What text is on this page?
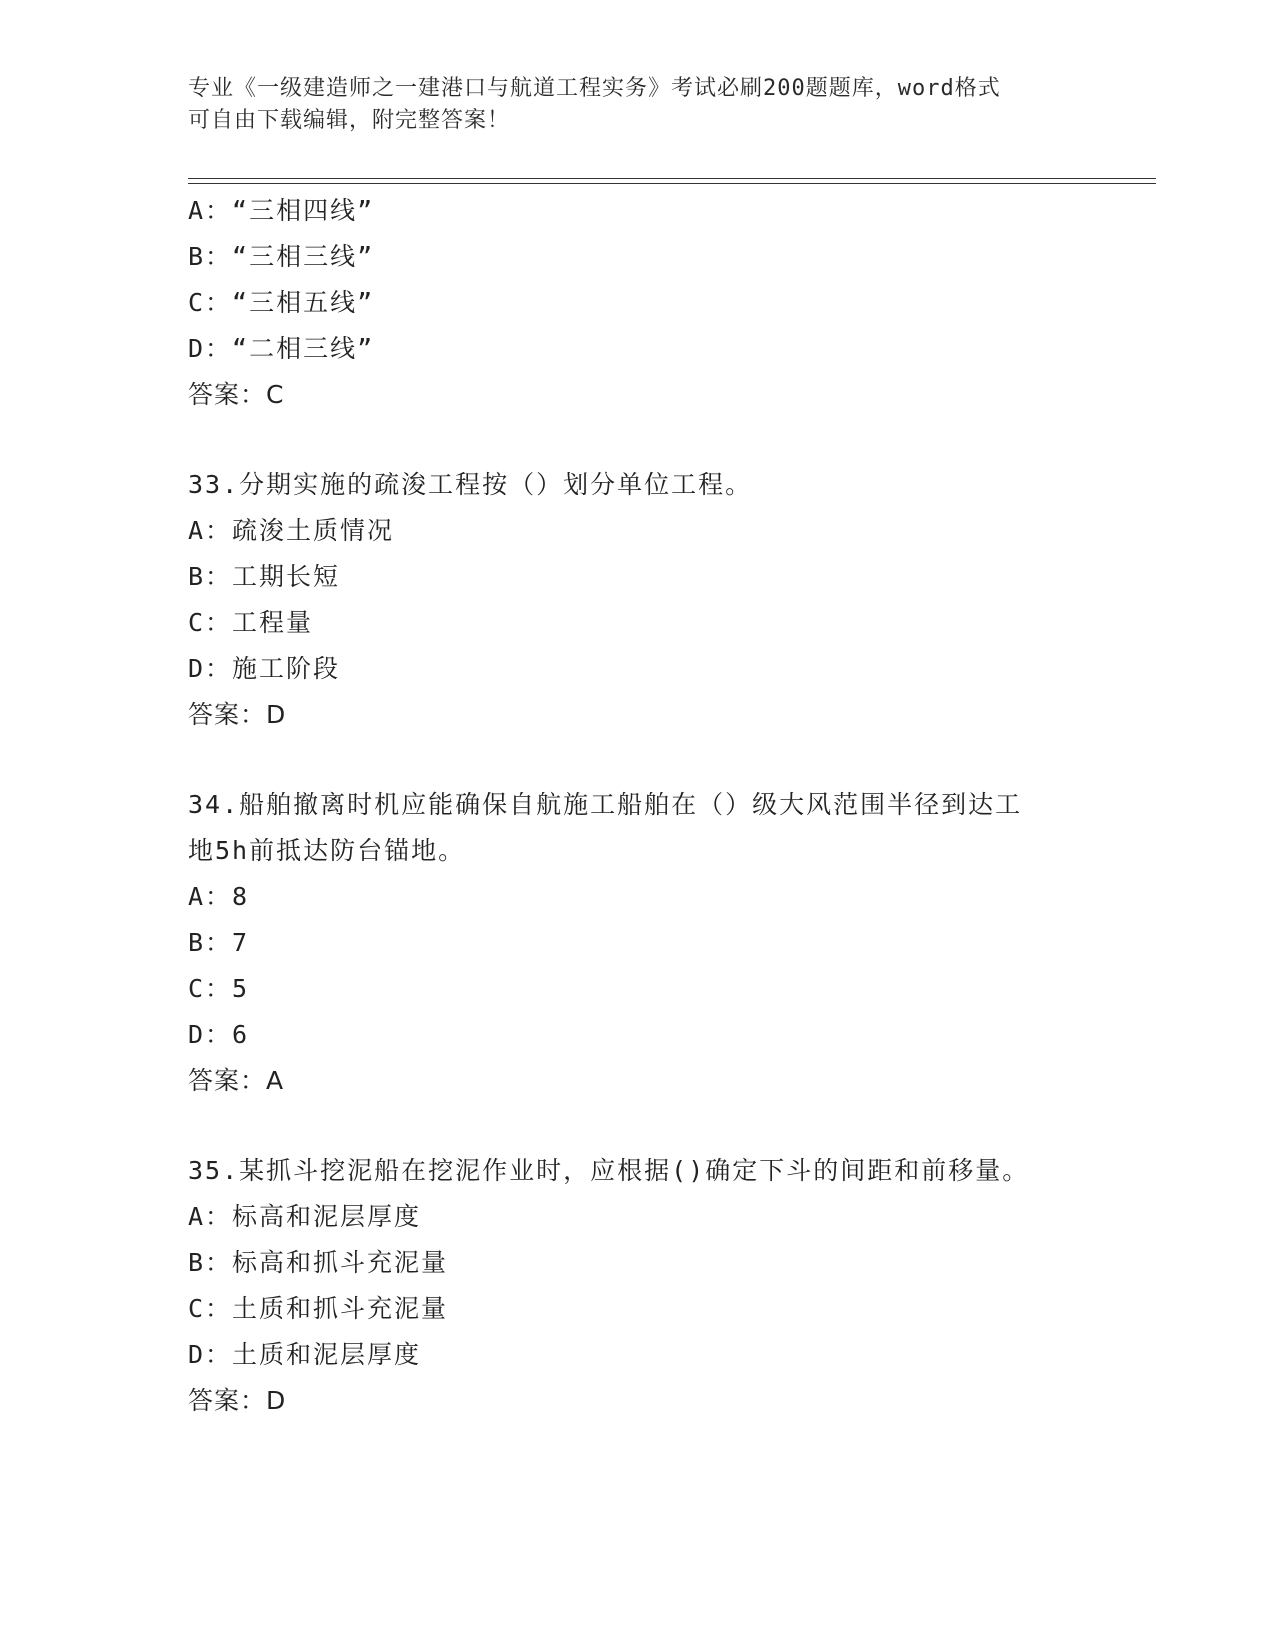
专业《一级建造师之一建港口与航道工程实务》考试必刷200题题库，word格式
可自由下载编辑，附完整答案！
A：“三相四线”
B：“三相三线”
C：“三相五线”
D：“二相三线”
答案：C
33.分期实施的疏浚工程按（）划分单位工程。
A：疏浚土质情况
B：工期长短
C：工程量
D：施工阶段
答案：D
34.船舶撤离时机应能确保自航施工船舶在（）级大风范围半径到达工
地5h前抵达防台锚地。
A：8
B：7
C：5
D：6
答案：A
35.某抓斗挖泥船在挖泥作业时，应根据()确定下斗的间距和前移量。
A：标高和泥层厚度
B：标高和抓斗充泥量
C：土质和抓斗充泥量
D：土质和泥层厚度
答案：D
